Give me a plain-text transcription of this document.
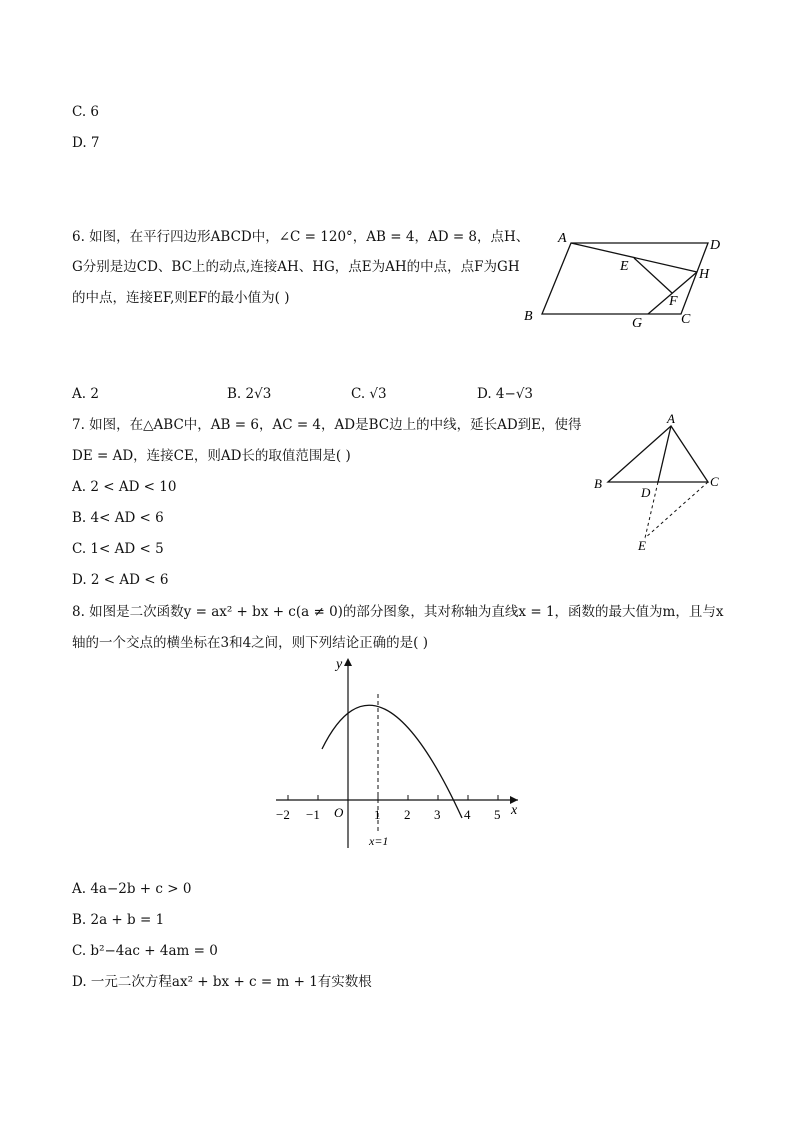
C. 6
D. 7
6. 如图，在平行四边形ABCD中，∠C = 120°，AB = 4，AD = 8，点H、
G分别是边CD、BC上的动点,连接AH、HG，点E为AH的中点，点F为GH
的中点，连接EF,则EF的最小值为( )
A	D
E
H
F
B	G	C
A. 2	B. 2√3	C. √3	D. 4−√3
7. 如图，在△ABC中，AB = 6，AC = 4，AD是BC边上的中线，延长AD到E，使得
DE = AD，连接CE，则AD长的取值范围是( )
A. 2 < AD < 10
B. 4< AD < 6
C. 1< AD < 5
D. 2 < AD < 6
A
B
D
C
E
8. 如图是二次函数y = ax² + bx + c(a ≠ 0)的部分图象，其对称轴为直线x = 1，函数的最大值为m，且与x
轴的一个交点的横坐标在3和4之间，则下列结论正确的是( )
y
x
O
−2 −1	1 2 3 4 5
x=1
A. 4a−2b + c > 0
B. 2a + b = 1
C. b²−4ac + 4am = 0
D. 一元二次方程ax² + bx + c = m + 1有实数根
